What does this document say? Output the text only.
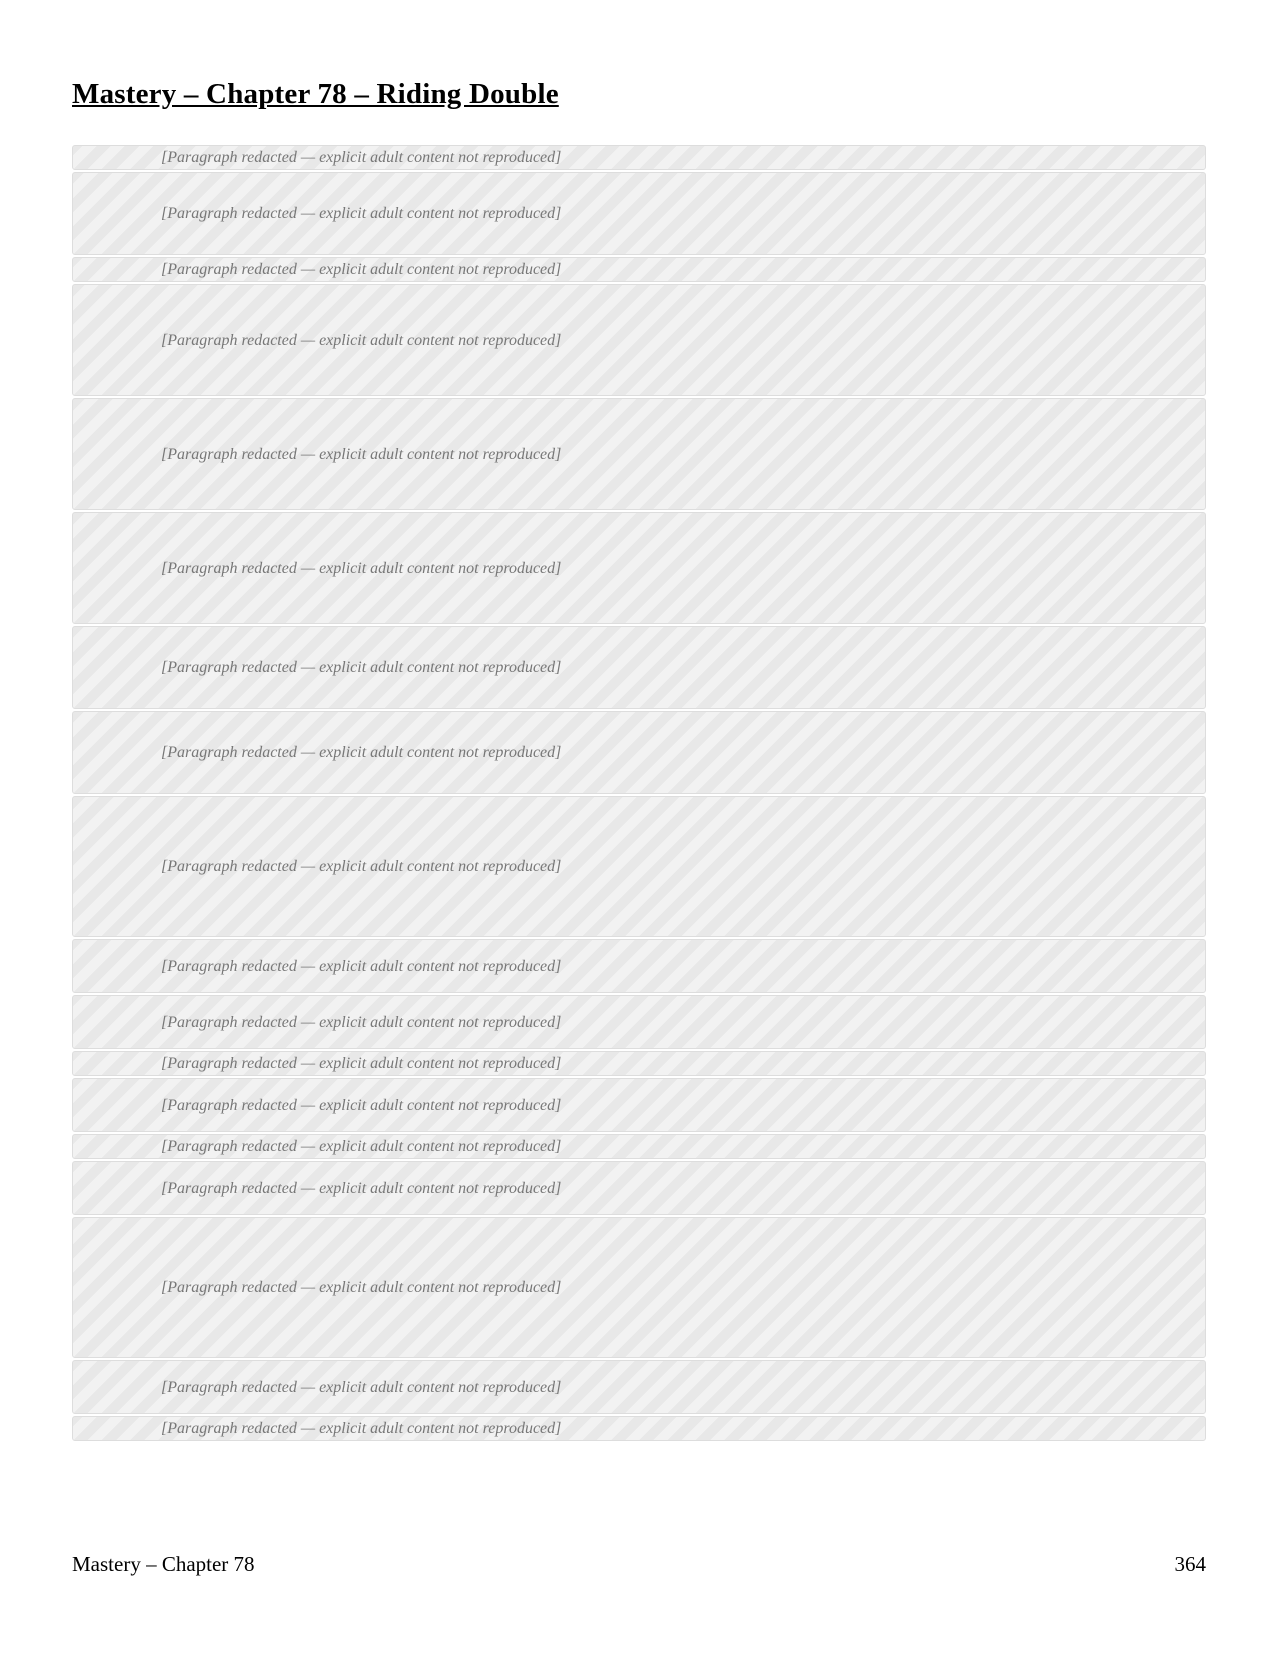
Mastery – Chapter 78 – Riding Double

[Paragraph redacted — explicit adult content not reproduced]

[Paragraph redacted — explicit adult content not reproduced]

[Paragraph redacted — explicit adult content not reproduced]

[Paragraph redacted — explicit adult content not reproduced]

[Paragraph redacted — explicit adult content not reproduced]

[Paragraph redacted — explicit adult content not reproduced]

[Paragraph redacted — explicit adult content not reproduced]

[Paragraph redacted — explicit adult content not reproduced]

[Paragraph redacted — explicit adult content not reproduced]

[Paragraph redacted — explicit adult content not reproduced]

[Paragraph redacted — explicit adult content not reproduced]

[Paragraph redacted — explicit adult content not reproduced]

[Paragraph redacted — explicit adult content not reproduced]

[Paragraph redacted — explicit adult content not reproduced]

[Paragraph redacted — explicit adult content not reproduced]

[Paragraph redacted — explicit adult content not reproduced]

[Paragraph redacted — explicit adult content not reproduced]

[Paragraph redacted — explicit adult content not reproduced]

Mastery – Chapter 78	364
